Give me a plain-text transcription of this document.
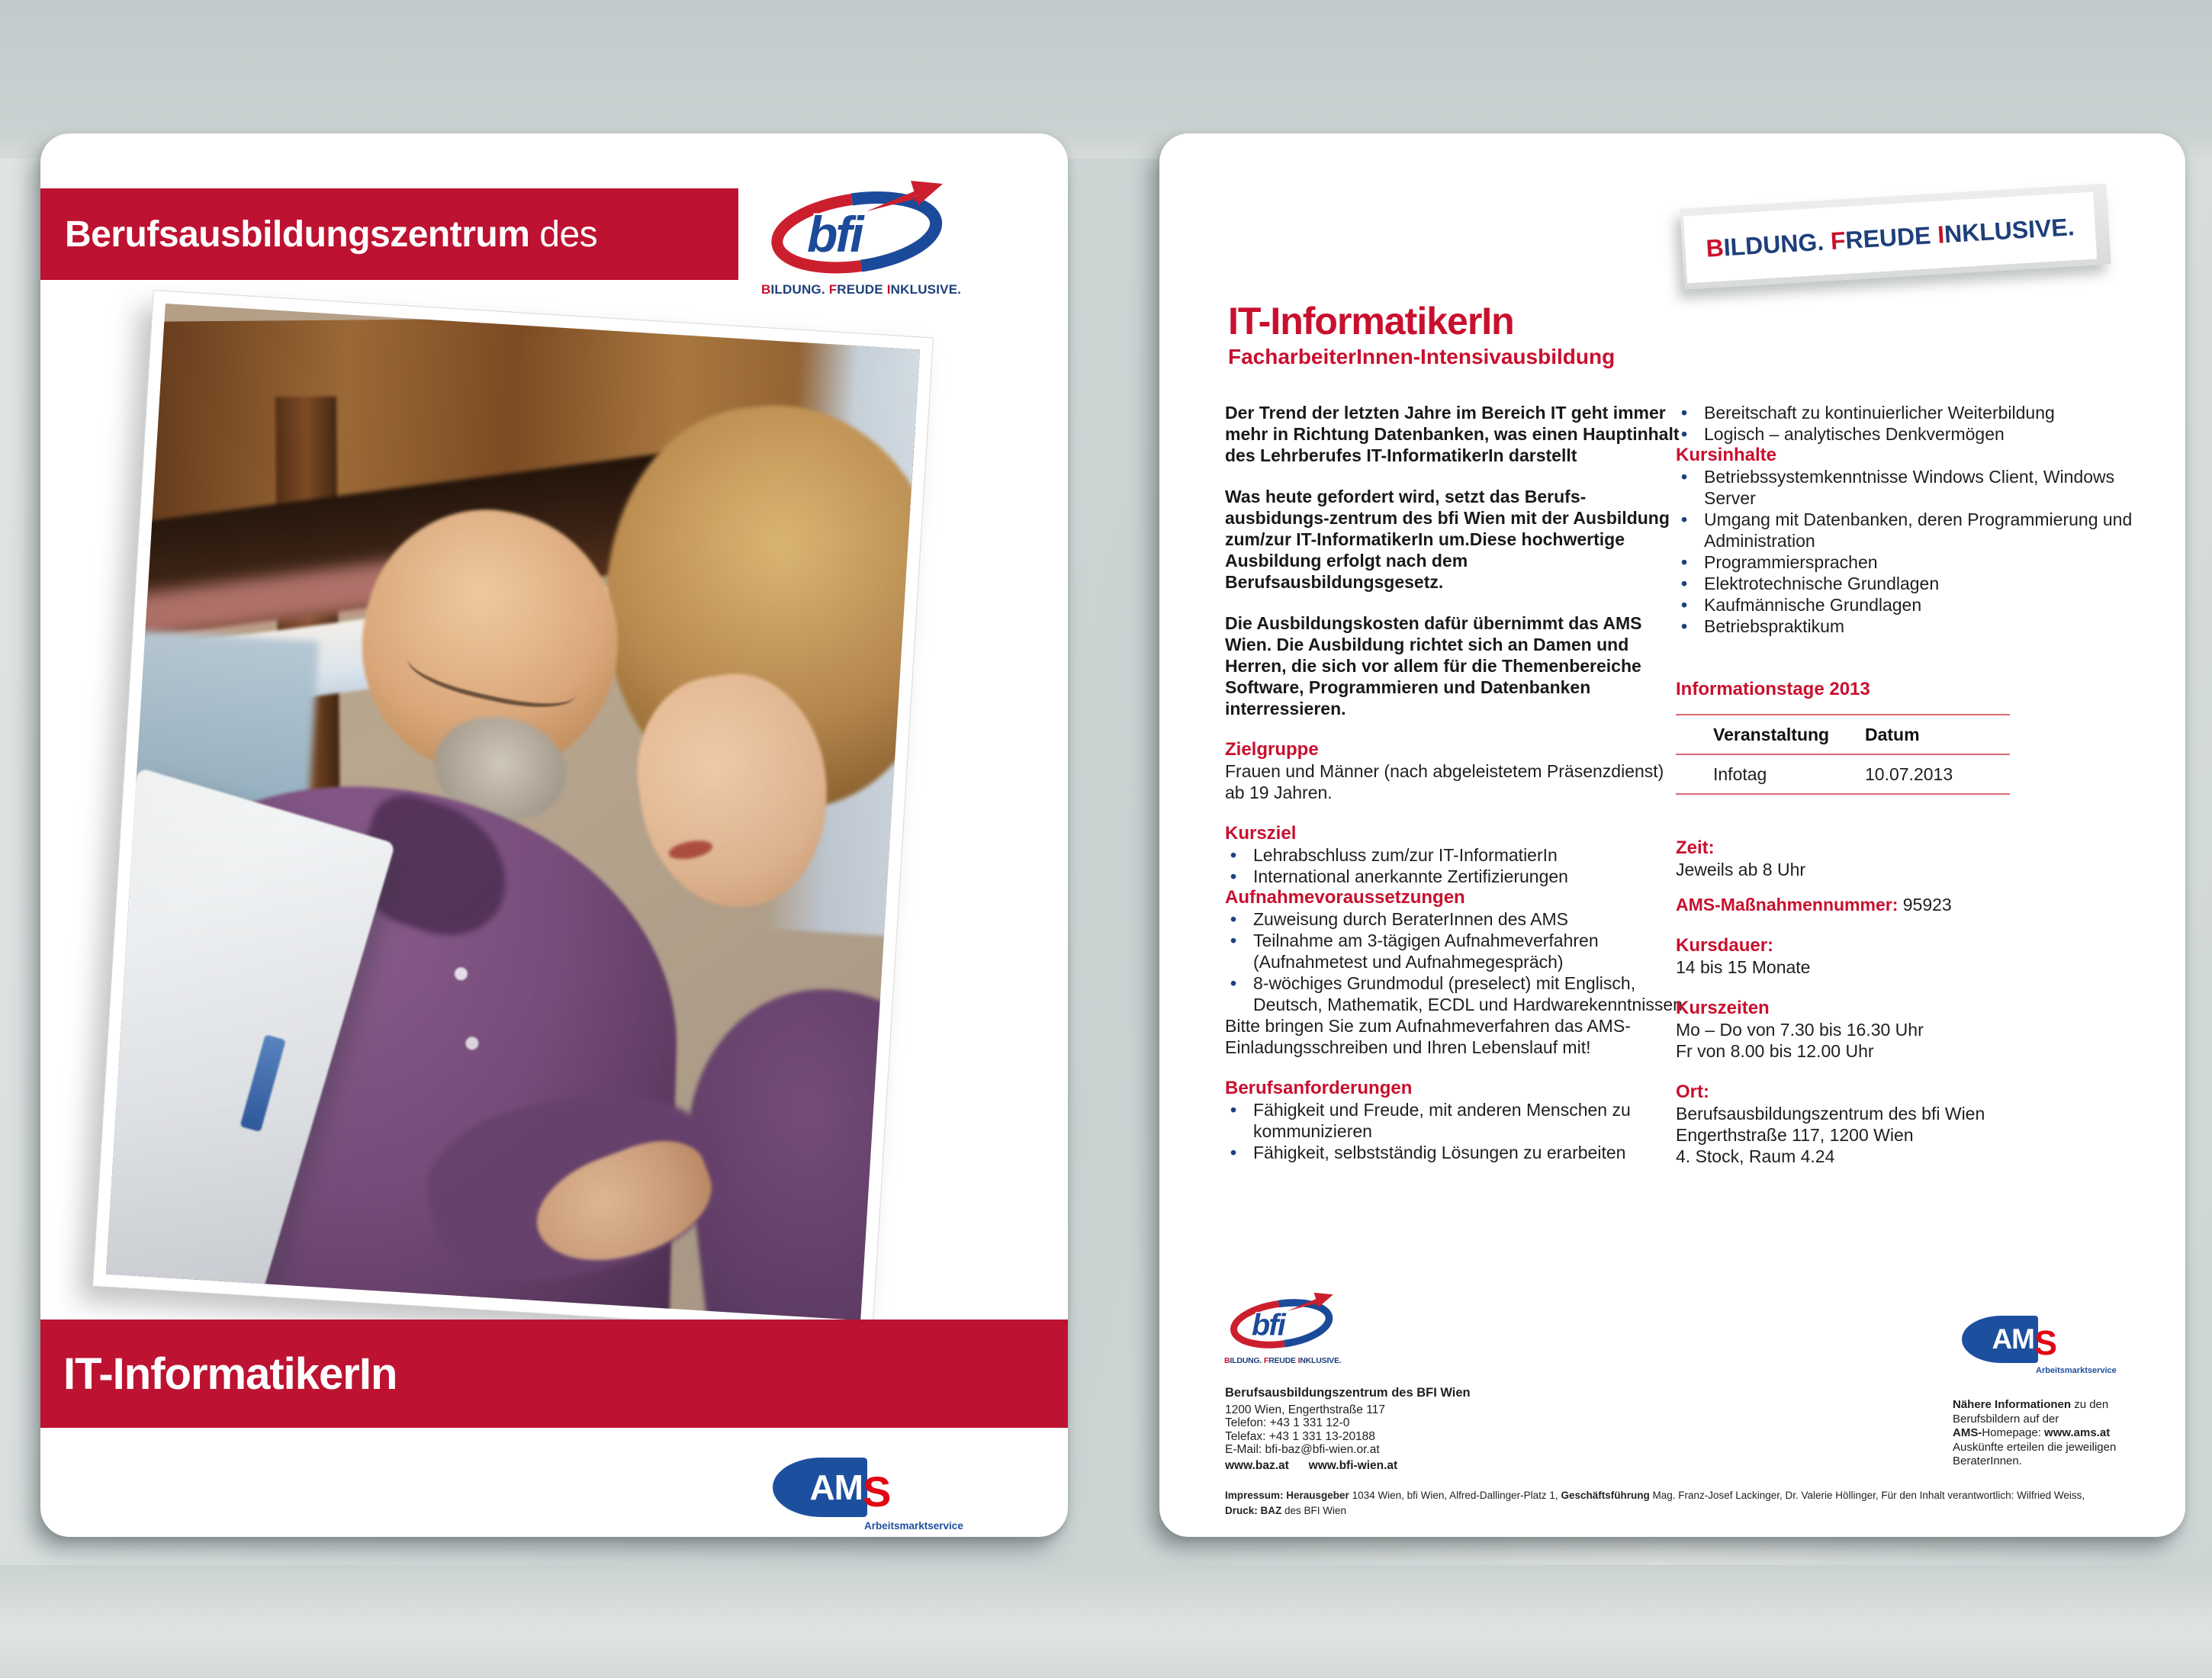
Berufsausbildungszentrum des	bfi
BILDUNG. FREUDE INKLUSIVE.
IT-InformatikerIn
AM S
Arbeitsmarktservice
BILDUNG. FREUDE INKLUSIVE.
IT-InformatikerIn
FacharbeiterInnen-Intensivausbildung

Der Trend der letzten Jahre im Bereich IT geht immer mehr in Richtung Datenbanken, was einen Hauptinhalt des Lehrberufes IT-InformatikerIn darstellt

Was heute gefordert wird, setzt das Berufs-ausbidungs-zentrum des bfi Wien mit der Ausbildung zum/zur IT-InformatikerIn um.Diese hochwertige Ausbildung erfolgt nach dem Berufsausbildungsgesetz.

Die Ausbildungskosten dafür übernimmt das AMS Wien. Die Ausbildung richtet sich an Damen und Herren, die sich vor allem für die Themenbereiche Software, Programmieren und Datenbanken interressieren.

Zielgruppe

Frauen und Männer (nach abgeleistetem Präsenzdienst) ab 19 Jahren.

Kursziel
• Lehrabschluss zum/zur IT-InformatierIn
• International anerkannte Zertifizierungen
Aufnahmevoraussetzungen
• Zuweisung durch BeraterInnen des AMS
• Teilnahme am 3-tägigen Aufnahmeverfahren (Aufnahmetest und Aufnahmegespräch)
• 8-wöchiges Grundmodul (preselect) mit Englisch, Deutsch, Mathematik, ECDL und Hardwarekenntnissen

Bitte bringen Sie zum Aufnahmeverfahren das AMS-Einladungsschreiben und Ihren Lebenslauf mit!

Berufsanforderungen
• Fähigkeit und Freude, mit anderen Menschen zu kommunizieren
• Fähigkeit, selbstständig Lösungen zu erarbeiten
• Bereitschaft zu kontinuierlicher Weiterbildung
• Logisch – analytisches Denkvermögen
Kursinhalte
• Betriebssystemkenntnisse Windows Client, Windows Server
• Umgang mit Datenbanken, deren Programmierung und Administration
• Programmiersprachen
• Elektrotechnische Grundlagen
• Kaufmännische Grundlagen
• Betriebspraktikum
Informationstage 2013
Veranstaltung	Datum
Infotag	10.07.2013
Zeit:

Jeweils ab 8 Uhr

AMS-Maßnahmennummer: 95923

Kursdauer:

14 bis 15 Monate

Kurszeiten

Mo – Do von 7.30 bis 16.30 Uhr

Fr von 8.00 bis 12.00 Uhr

Ort:

Berufsausbildungszentrum des bfi Wien

Engerthstraße 117, 1200 Wien

4. Stock, Raum 4.24

bfi
BILDUNG. FREUDE INKLUSIVE.
Berufsausbildungszentrum des BFI Wien
1200 Wien, Engerthstraße 117
Telefon: +43 1 331 12-0
Telefax: +43 1 331 13-20188
E-Mail: bfi-baz@bfi-wien.or.at
www.baz.at www.bfi-wien.at
AM S
Arbeitsmarktservice
Nähere Informationen zu den
Berufsbildern auf der
AMS-Homepage: www.ams.at
Auskünfte erteilen die jeweiligen
BeraterInnen.
Impressum: Herausgeber 1034 Wien, bfi Wien, Alfred-Dallinger-Platz 1, Geschäftsführung Mag. Franz-Josef Lackinger, Dr. Valerie Höllinger, Für den Inhalt verantwortlich: Wilfried Weiss,
Druck: BAZ des BFI Wien
